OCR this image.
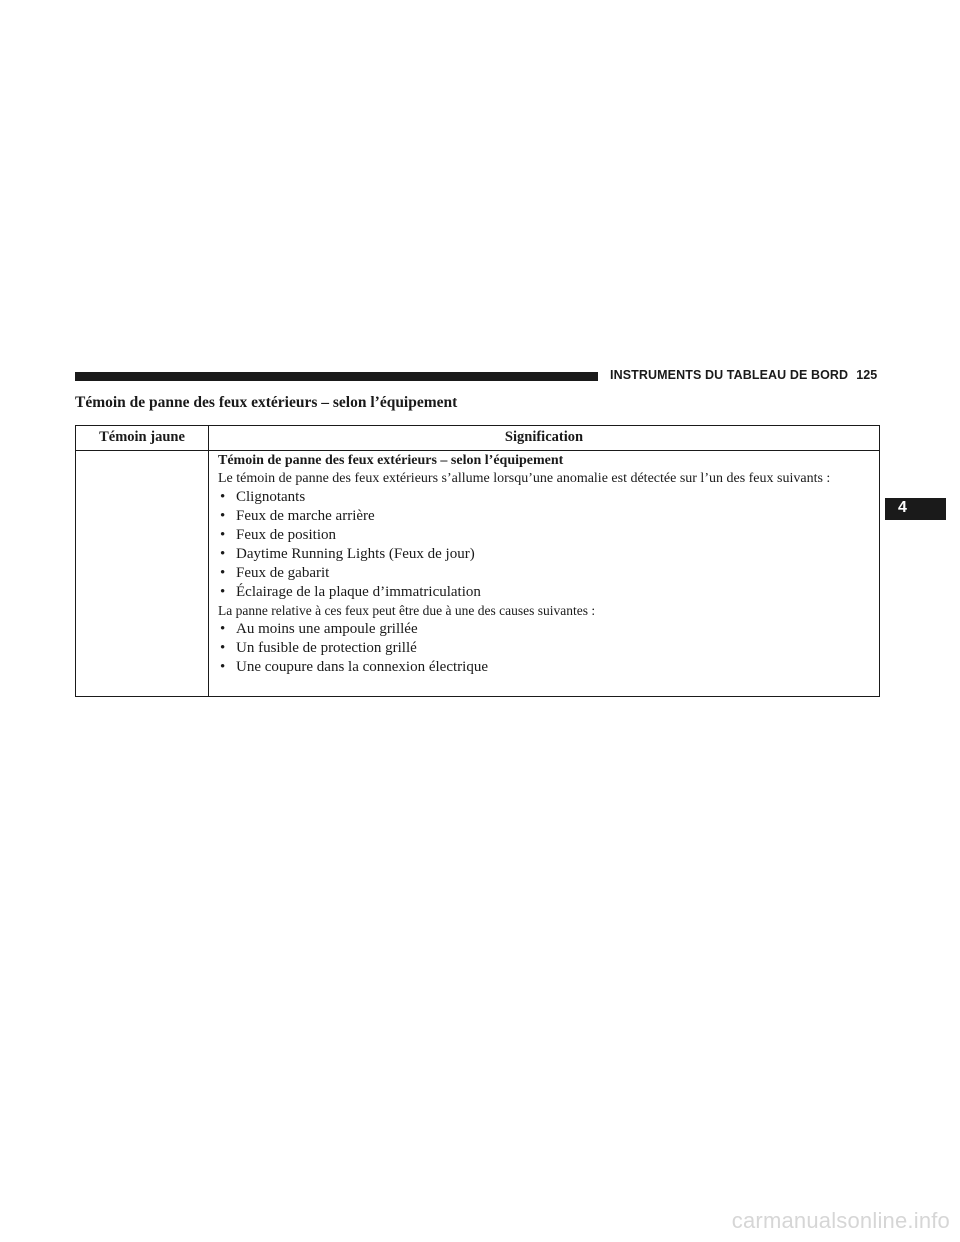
INSTRUMENTS DU TABLEAU DE BORD 125
Témoin de panne des feux extérieurs – selon l’équipement
Témoin jaune	Signification
Témoin de panne des feux extérieurs – selon l’équipement
Le témoin de panne des feux extérieurs s’allume lorsqu’une anomalie est détectée sur l’un des feux suivants :
• Clignotants
• Feux de marche arrière
• Feux de position
• Daytime Running Lights (Feux de jour)
• Feux de gabarit
• Éclairage de la plaque d’immatriculation
La panne relative à ces feux peut être due à une des causes suivantes :
• Au moins une ampoule grillée
• Un fusible de protection grillé
• Une coupure dans la connexion électrique
4
carmanualsonline.info
